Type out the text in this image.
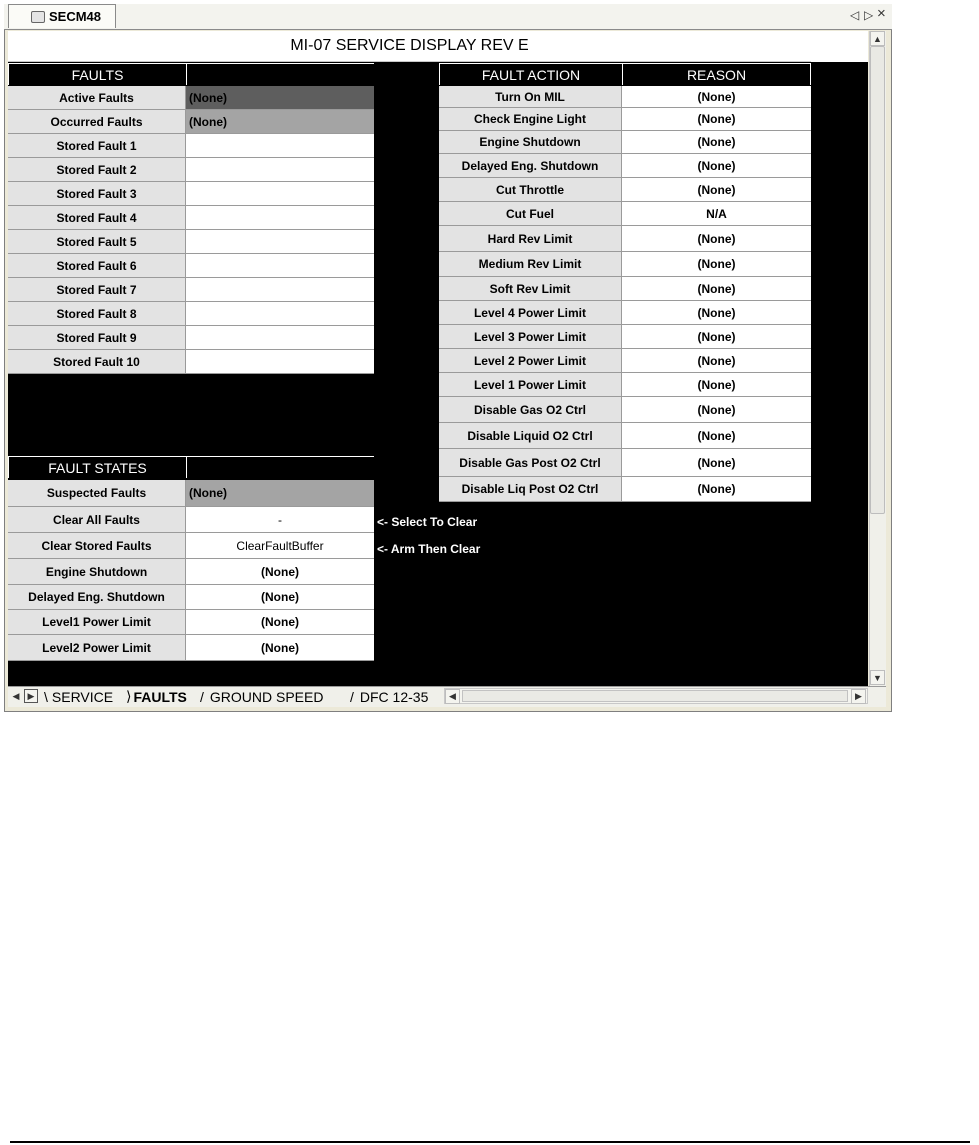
SECM48	◁ ▷ ×
MI-07 SERVICE DISPLAY REV E
FAULTS
Active Faults	(None)
Occurred Faults	(None)
Stored Fault 1
Stored Fault 2
Stored Fault 3
Stored Fault 4
Stored Fault 5
Stored Fault 6
Stored Fault 7
Stored Fault 8
Stored Fault 9
Stored Fault 10
FAULT ACTION	REASON
Turn On MIL	(None)
Check Engine Light	(None)
Engine Shutdown	(None)
Delayed Eng. Shutdown	(None)
Cut Throttle	(None)
Cut Fuel	N/A
Hard Rev Limit	(None)
Medium Rev Limit	(None)
Soft Rev Limit	(None)
Level 4 Power Limit	(None)
Level 3 Power Limit	(None)
Level 2 Power Limit	(None)
Level 1 Power Limit	(None)
Disable Gas O2 Ctrl	(None)
Disable Liquid O2 Ctrl	(None)
Disable Gas Post O2 Ctrl	(None)
Disable Liq Post O2 Ctrl	(None)
FAULT STATES
Suspected Faults	(None)
Clear All Faults	-
Clear Stored Faults	ClearFaultBuffer
Engine Shutdown	(None)
Delayed Eng. Shutdown	(None)
Level1 Power Limit	(None)
Level2 Power Limit	(None)
<- Select To Clear
<- Arm Then Clear
▲
▼
◀ ▶ \ SERVICE ⟩ FAULTS / GROUND SPEED / DFC 12-35	◀	▶
